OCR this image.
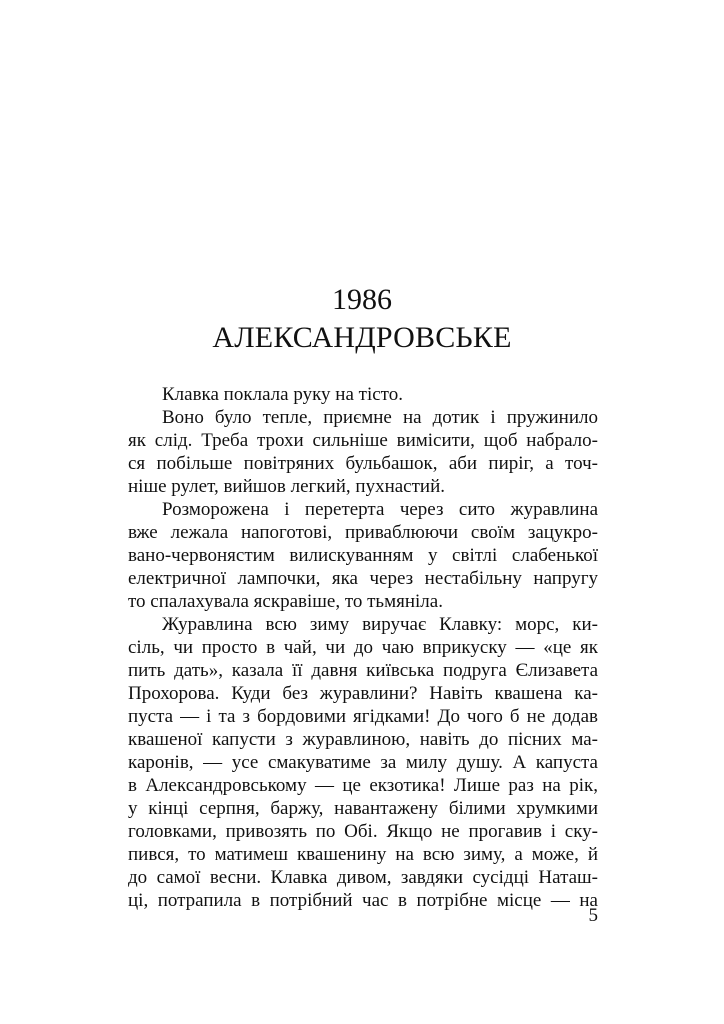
1986
АЛЕКСАНДРОВСЬКЕ
Клавка поклала руку на тісто.
Воно було тепле, приємне на дотик і пружинило
як слід. Треба трохи сильніше вимісити, щоб набрало-
ся побільше повітряних бульбашок, аби пиріг, а точ-
ніше рулет, вийшов легкий, пухнастий.
Розморожена і перетерта через сито журавлина
вже лежала напоготові, приваблюючи своїм зацукро-
вано-червонястим вилискуванням у світлі слабенької
електричної лампочки, яка через нестабільну напругу
то спалахувала яскравіше, то тьмяніла.
Журавлина всю зиму виручає Клавку: морс, ки-
сіль, чи просто в чай, чи до чаю вприкуску — «це як
пить дать», казала її давня київська подруга Єлизавета
Прохорова. Куди без журавлини? Навіть квашена ка-
пуста — і та з бордовими ягідками! До чого б не додав
квашеної капусти з журавлиною, навіть до пісних ма-
каронів, — усе смакуватиме за милу душу. А капуста
в Александровському — це екзотика! Лише раз на рік,
у кінці серпня, баржу, навантажену білими хрумкими
головками, привозять по Обі. Якщо не прогавив і ску-
пився, то матимеш квашенину на всю зиму, а може, й
до самої весни. Клавка дивом, завдяки сусідці Наташ-
ці, потрапила в потрібний час в потрібне місце — на
5
